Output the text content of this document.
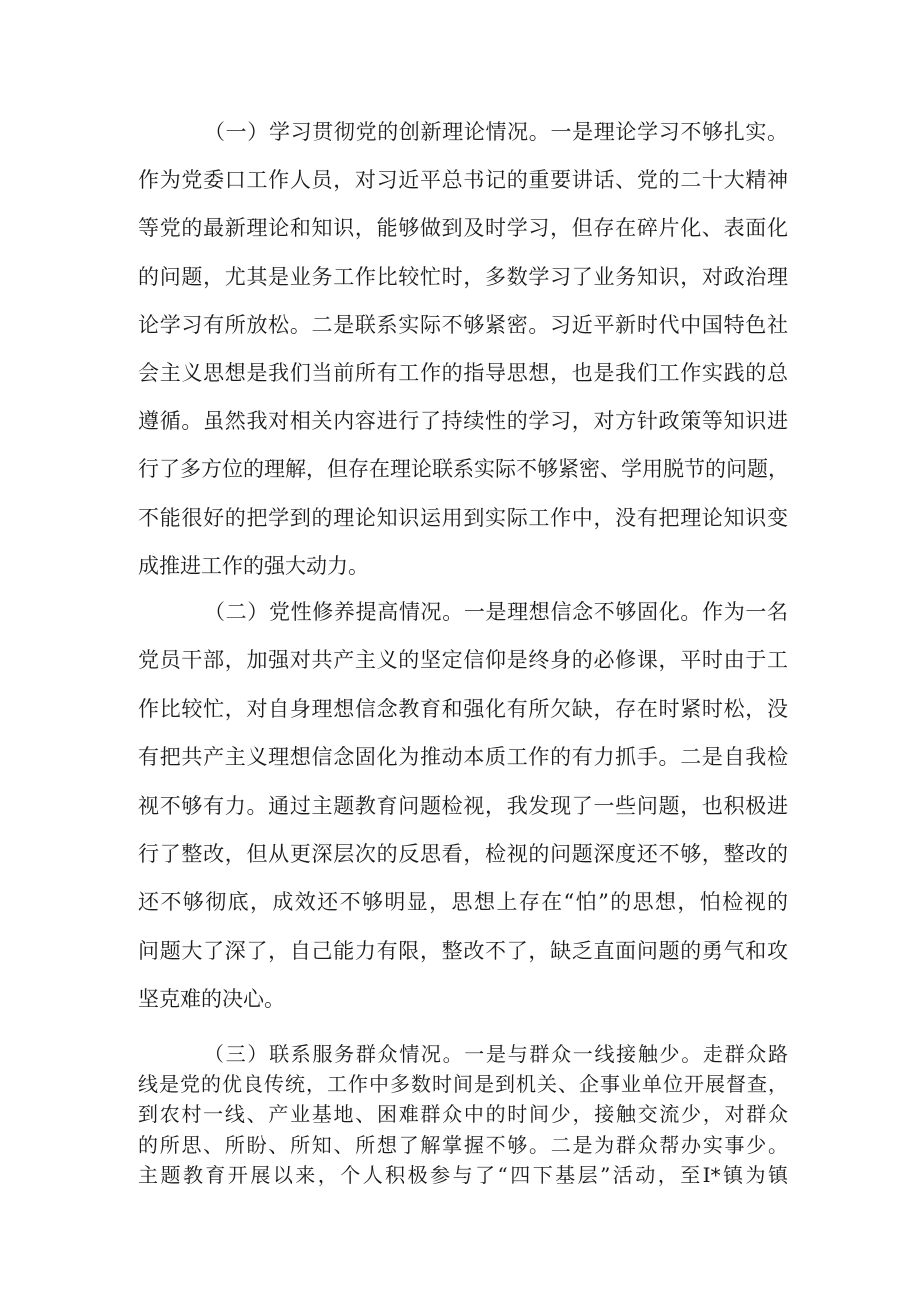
（一）学习贯彻党的创新理论情况。一是理论学习不够扎实。
作为党委口工作人员，对习近平总书记的重要讲话、党的二十大精神
等党的最新理论和知识，能够做到及时学习，但存在碎片化、表面化
的问题，尤其是业务工作比较忙时，多数学习了业务知识，对政治理
论学习有所放松。二是联系实际不够紧密。习近平新时代中国特色社
会主义思想是我们当前所有工作的指导思想，也是我们工作实践的总
遵循。虽然我对相关内容进行了持续性的学习，对方针政策等知识进
行了多方位的理解，但存在理论联系实际不够紧密、学用脱节的问题，
不能很好的把学到的理论知识运用到实际工作中，没有把理论知识变
成推进工作的强大动力。
（二）党性修养提高情况。一是理想信念不够固化。作为一名
党员干部，加强对共产主义的坚定信仰是终身的必修课，平时由于工
作比较忙，对自身理想信念教育和强化有所欠缺，存在时紧时松，没
有把共产主义理想信念固化为推动本质工作的有力抓手。二是自我检
视不够有力。通过主题教育问题检视，我发现了一些问题，也积极进
行了整改，但从更深层次的反思看，检视的问题深度还不够，整改的
还不够彻底，成效还不够明显，思想上存在“怕”的思想，怕检视的
问题大了深了，自己能力有限，整改不了，缺乏直面问题的勇气和攻
坚克难的决心。
（三）联系服务群众情况。一是与群众一线接触少。走群众路
线是党的优良传统，工作中多数时间是到机关、企事业单位开展督查，
到农村一线、产业基地、困难群众中的时间少，接触交流少，对群众
的所思、所盼、所知、所想了解掌握不够。二是为群众帮办实事少。
主题教育开展以来，个人积极参与了“四下基层”活动，至I*镇为镇
